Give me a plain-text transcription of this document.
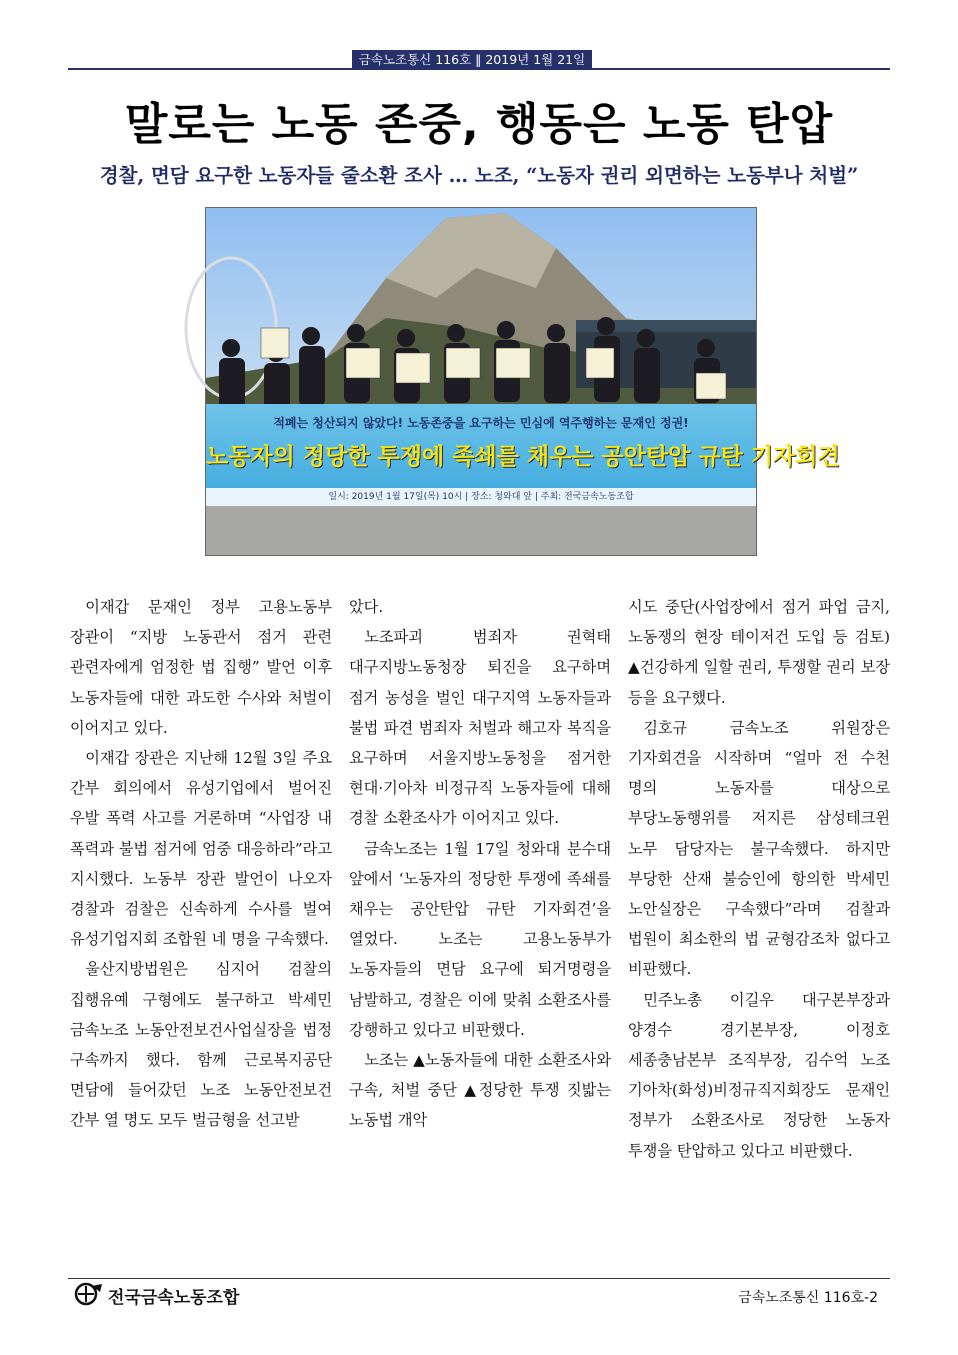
금속노조통신 116호 ‖ 2019년 1월 21일
말로는 노동 존중, 행동은 노동 탄압
경찰, 면담 요구한 노동자들 줄소환 조사 … 노조, “노동자 권리 외면하는 노동부나 처벌”
적폐는 청산되지 않았다! 노동존중을 요구하는 민심에 역주행하는 문재인 정권!
노동자의 정당한 투쟁에 족쇄를 채우는 공안탄압 규탄 기자회견
일시: 2019년 1월 17일(목) 10시 | 장소: 청와대 앞 | 주최: 전국금속노동조합

이재갑 문재인 정부 고용노동부 장관이 “지방 노동관서 점거 관련 관련자에게 엄정한 법 집행” 발언 이후 노동자들에 대한 과도한 수사와 처벌이 이어지고 있다.

이재갑 장관은 지난해 12월 3일 주요 간부 회의에서 유성기업에서 벌어진 우발 폭력 사고를 거론하며 “사업장 내 폭력과 불법 점거에 엄중 대응하라”라고 지시했다. 노동부 장관 발언이 나오자 경찰과 검찰은 신속하게 수사를 벌여 유성기업지회 조합원 네 명을 구속했다.

울산지방법원은 심지어 검찰의 집행유예 구형에도 불구하고 박세민 금속노조 노동안전보건사업실장을 법정 구속까지 했다. 함께 근로복지공단 면담에 들어갔던 노조 노동안전보건 간부 열 명도 모두 벌금형을 선고받

았다.

노조파괴 범죄자 권혁태 대구지방노동청장 퇴진을 요구하며 점거 농성을 벌인 대구지역 노동자들과 불법 파견 범죄자 처벌과 해고자 복직을 요구하며 서울지방노동청을 점거한 현대·기아차 비정규직 노동자들에 대해 경찰 소환조사가 이어지고 있다.

금속노조는 1월 17일 청와대 분수대 앞에서 ‘노동자의 정당한 투쟁에 족쇄를 채우는 공안탄압 규탄 기자회견’을 열었다. 노조는 고용노동부가 노동자들의 면담 요구에 퇴거명령을 남발하고, 경찰은 이에 맞춰 소환조사를 강행하고 있다고 비판했다.

노조는 ▲노동자들에 대한 소환조사와 구속, 처벌 중단 ▲정당한 투쟁 짓밟는 노동법 개악

시도 중단(사업장에서 점거 파업 금지, 노동쟁의 현장 테이저건 도입 등 검토) ▲건강하게 일할 권리, 투쟁할 권리 보장 등을 요구했다.

김호규 금속노조 위원장은 기자회견을 시작하며 “얼마 전 수천 명의 노동자를 대상으로 부당노동행위를 저지른 삼성테크윈 노무 담당자는 불구속했다. 하지만 부당한 산재 불승인에 항의한 박세민 노안실장은 구속했다”라며 검찰과 법원이 최소한의 법 균형감조차 없다고 비판했다.

민주노총 이길우 대구본부장과 양경수 경기본부장, 이정호 세종충남본부 조직부장, 김수억 노조 기아차(화성)비정규직지회장도 문재인 정부가 소환조사로 정당한 노동자 투쟁을 탄압하고 있다고 비판했다.

전국금속노동조합	금속노조통신 116호-2
